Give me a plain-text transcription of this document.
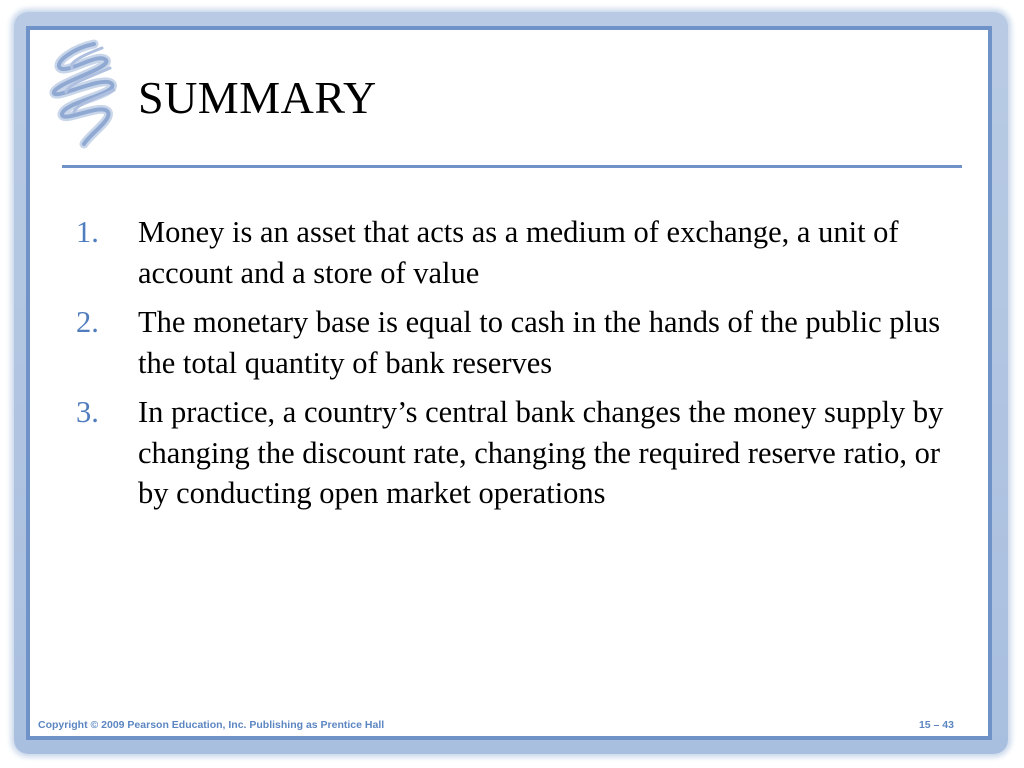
SUMMARY
1.	Money is an asset that acts as a medium of exchange, a unit of account and a store of value
2.	The monetary base is equal to cash in the hands of the public plus the total quantity of bank reserves
3.	In practice, a country’s central bank changes the money supply by changing the discount rate, changing the required reserve ratio, or by conducting open market operations
Copyright © 2009 Pearson Education, Inc. Publishing as Prentice Hall	15 – 43
